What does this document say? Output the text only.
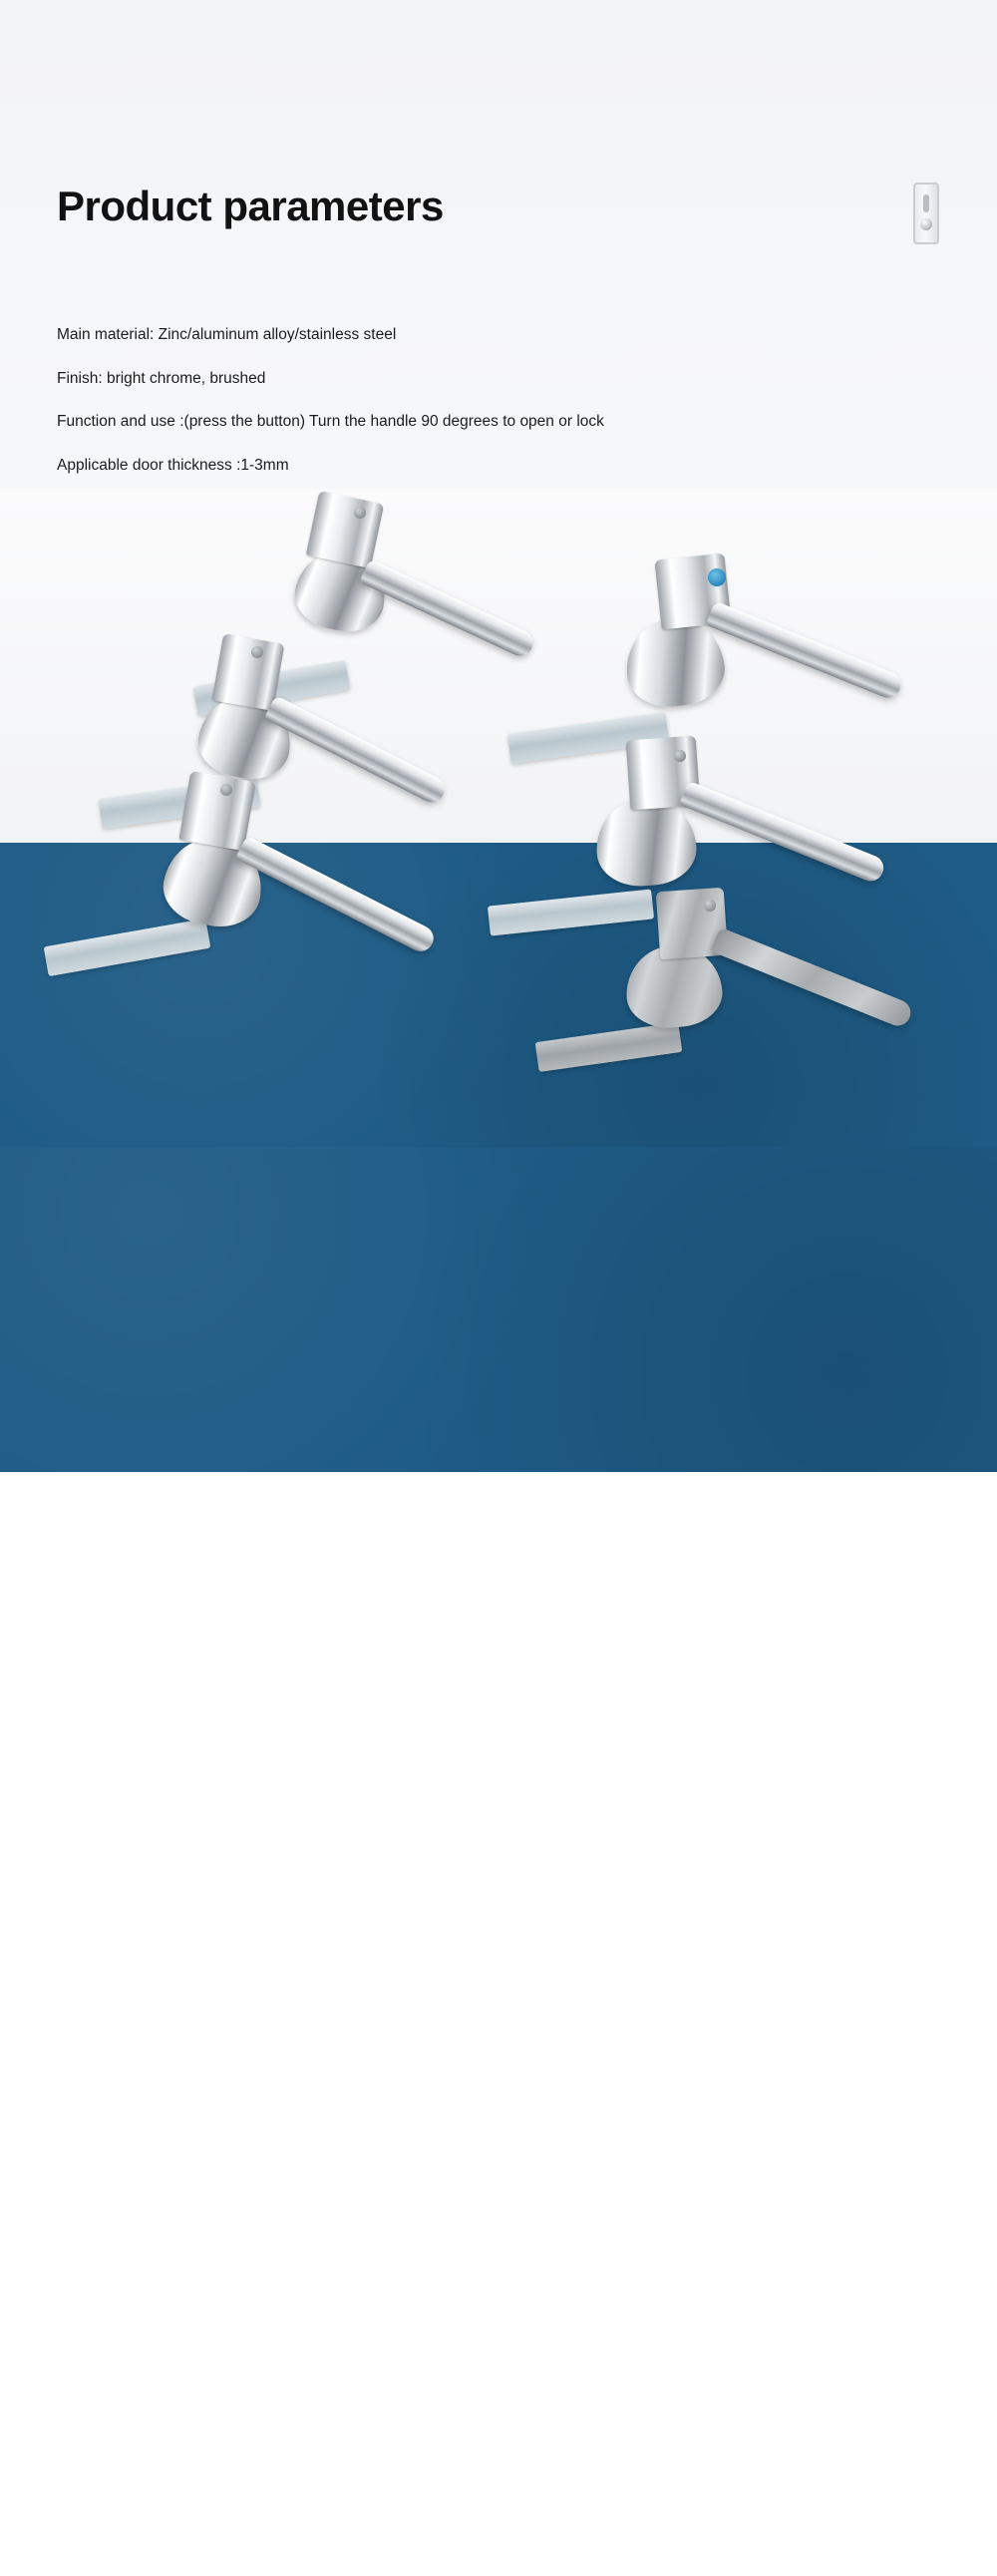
Product parameters
Main material: Zinc/aluminum alloy/stainless steel
Finish: bright chrome, brushed
Function and use :(press the button) Turn the handle 90 degrees to open or lock
Applicable door thickness :1-3mm
Model number
MS301/ New MS301
material
Zinc alloy/Aluminum alloy/ stainless steel
type
Lock/no lock (press type)
peculiarity
Resistance to wear, corrosion/ impact/high temperature
